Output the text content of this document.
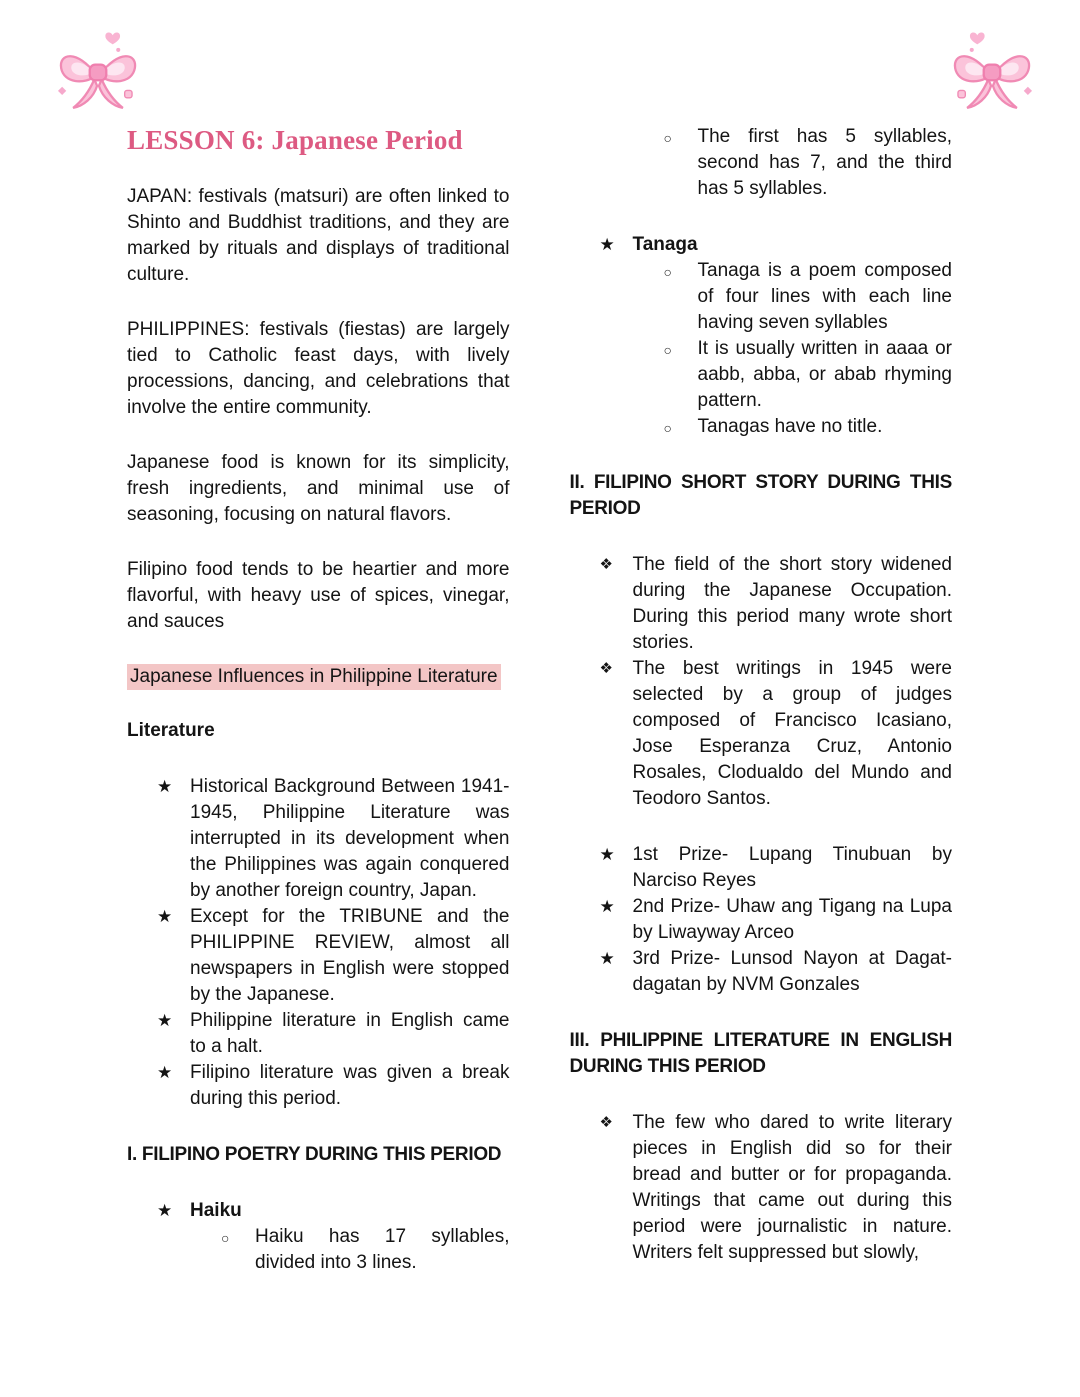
LESSON 6: Japanese Period

JAPAN: festivals (matsuri) are often linked to Shinto and Buddhist traditions, and they are marked by rituals and displays of traditional culture.

PHILIPPINES: festivals (fiestas) are largely tied to Catholic feast days, with lively processions, dancing, and celebrations that involve the entire community.

Japanese food is known for its simplicity, fresh ingredients, and minimal use of seasoning, focusing on natural flavors.

Filipino food tends to be heartier and more flavorful, with heavy use of spices, vinegar, and sauces

Japanese Influences in Philippine Literature

Literature
★ Historical Background Between 1941-1945, Philippine Literature was interrupted in its development when the Philippines was again conquered by another foreign country, Japan.
★ Except for the TRIBUNE and the PHILIPPINE REVIEW, almost all newspapers in English were stopped by the Japanese.
★ Philippine literature in English came to a halt.
★ Filipino literature was given a break during this period.
I. FILIPINO POETRY DURING THIS PERIOD
★ Haiku
○ Haiku has 17 syllables, divided into 3 lines.
○ The first has 5 syllables, second has 7, and the third has 5 syllables.
★ Tanaga
○ Tanaga is a poem composed of four lines with each line having seven syllables
○ It is usually written in aaaa or aabb, abba, or abab rhyming pattern.
○ Tanagas have no title.
II. FILIPINO SHORT STORY DURING THIS PERIOD
❖ The field of the short story widened during the Japanese Occupation. During this period many wrote short stories.
❖ The best writings in 1945 were selected by a group of judges composed of Francisco Icasiano, Jose Esperanza Cruz, Antonio Rosales, Clodualdo del Mundo and Teodoro Santos.
★ 1st Prize- Lupang Tinubuan by Narciso Reyes
★ 2nd Prize- Uhaw ang Tigang na Lupa by Liwayway Arceo
★ 3rd Prize- Lunsod Nayon at Dagat-dagatan by NVM Gonzales
III. PHILIPPINE LITERATURE IN ENGLISH DURING THIS PERIOD
❖ The few who dared to write literary pieces in English did so for their bread and butter or for propaganda. Writings that came out during this period were journalistic in nature. Writers felt suppressed but slowly,
